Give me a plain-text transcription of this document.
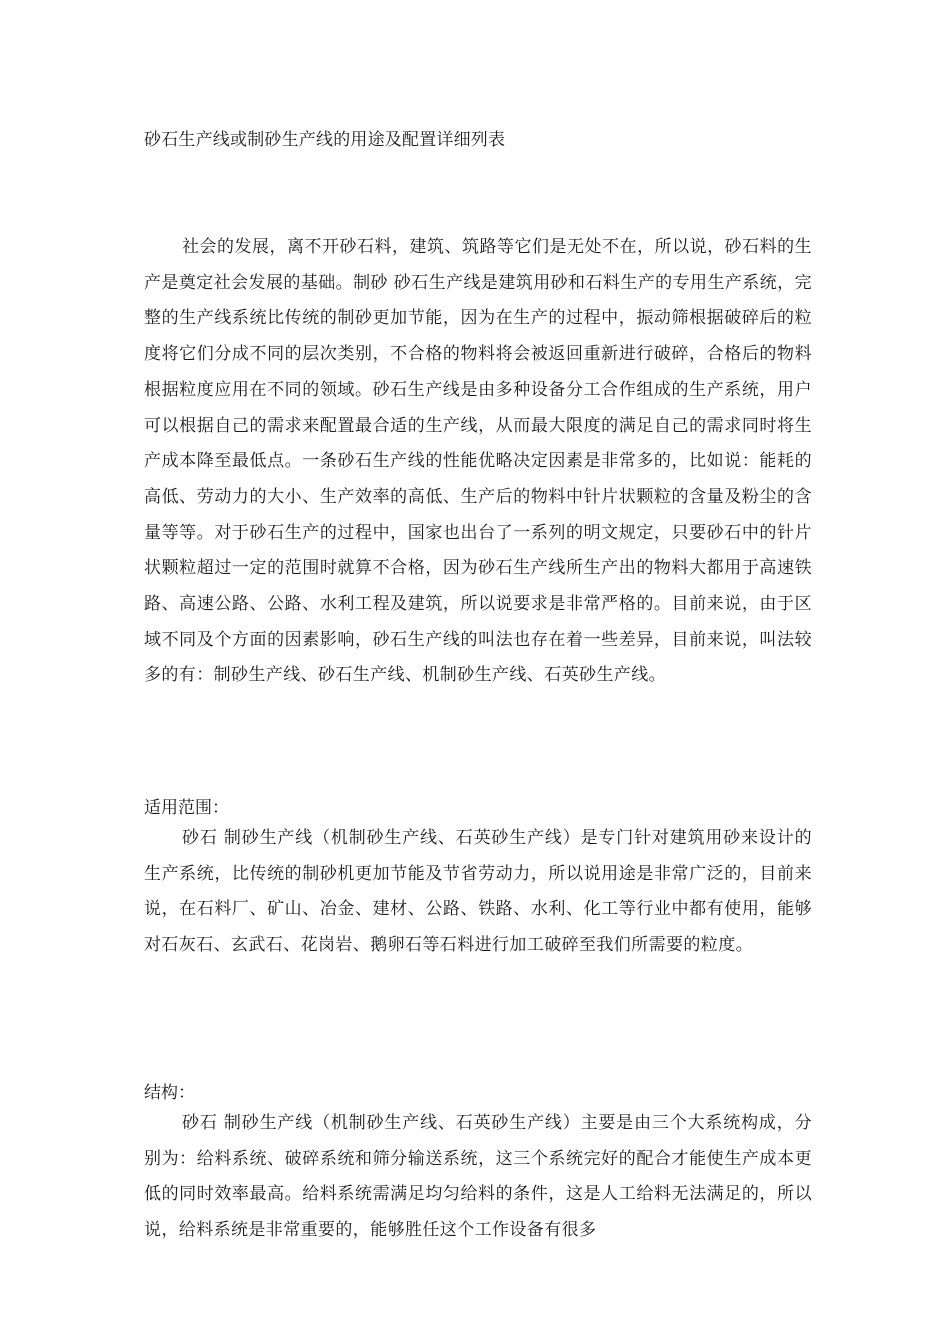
砂石生产线或制砂生产线的用途及配置详细列表

社会的发展，离不开砂石料，建筑、筑路等它们是无处不在，所以说，砂石料的生产是奠定社会发展的基础。制砂 砂石生产线是建筑用砂和石料生产的专用生产系统，完整的生产线系统比传统的制砂更加节能，因为在生产的过程中，振动筛根据破碎后的粒度将它们分成不同的层次类别，不合格的物料将会被返回重新进行破碎，合格后的物料根据粒度应用在不同的领域。砂石生产线是由多种设备分工合作组成的生产系统，用户可以根据自己的需求来配置最合适的生产线，从而最大限度的满足自己的需求同时将生产成本降至最低点。一条砂石生产线的性能优略决定因素是非常多的，比如说：能耗的高低、劳动力的大小、生产效率的高低、生产后的物料中针片状颗粒的含量及粉尘的含量等等。对于砂石生产的过程中，国家也出台了一系列的明文规定，只要砂石中的针片状颗粒超过一定的范围时就算不合格，因为砂石生产线所生产出的物料大都用于高速铁路、高速公路、公路、水利工程及建筑，所以说要求是非常严格的。目前来说，由于区域不同及个方面的因素影响，砂石生产线的叫法也存在着一些差异，目前来说，叫法较多的有：制砂生产线、砂石生产线、机制砂生产线、石英砂生产线。

适用范围：

砂石 制砂生产线（机制砂生产线、石英砂生产线）是专门针对建筑用砂来设计的生产系统，比传统的制砂机更加节能及节省劳动力，所以说用途是非常广泛的，目前来说，在石料厂、矿山、冶金、建材、公路、铁路、水利、化工等行业中都有使用，能够对石灰石、玄武石、花岗岩、鹅卵石等石料进行加工破碎至我们所需要的粒度。

结构：

砂石 制砂生产线（机制砂生产线、石英砂生产线）主要是由三个大系统构成，分别为：给料系统、破碎系统和筛分输送系统，这三个系统完好的配合才能使生产成本更低的同时效率最高。给料系统需满足均匀给料的条件，这是人工给料无法满足的，所以说，给料系统是非常重要的，能够胜任这个工作设备有很多
